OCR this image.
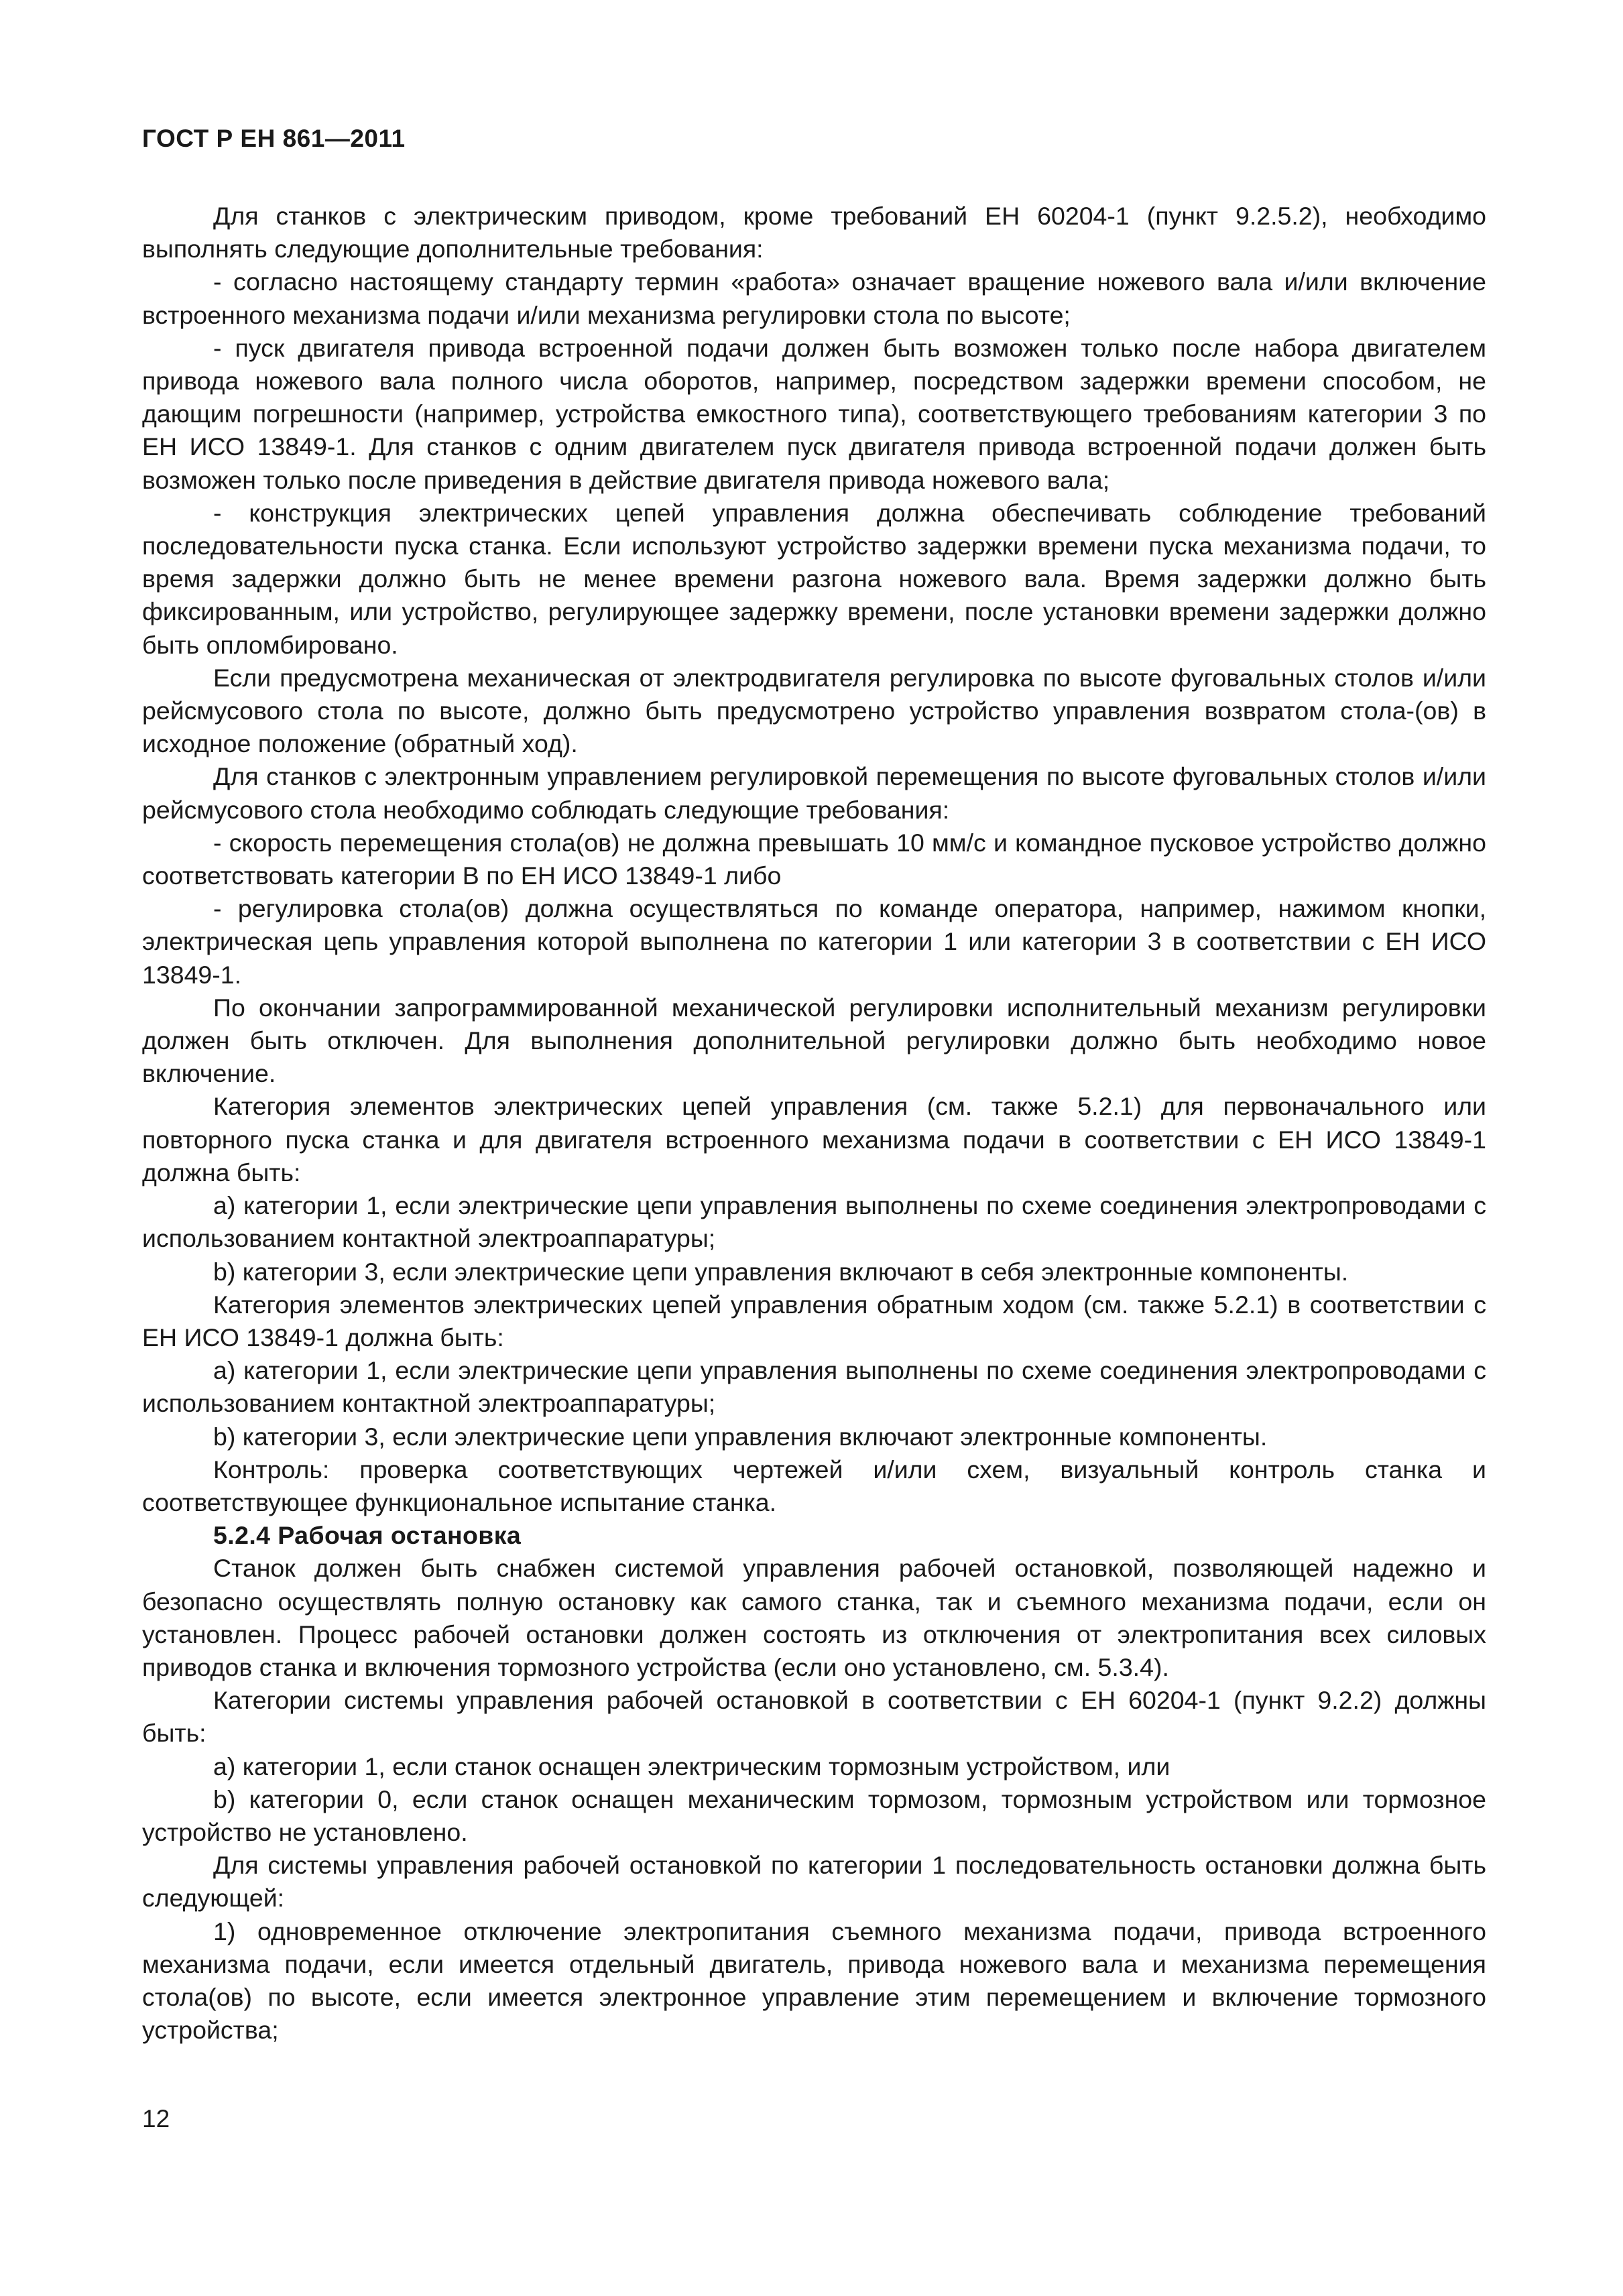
ГОСТ Р ЕН 861—2011

Для станков с электрическим приводом, кроме требований ЕН 60204-1 (пункт 9.2.5.2), необходимо выполнять следующие дополнительные требования:

- согласно настоящему стандарту термин «работа» означает вращение ножевого вала и/или включение встроенного механизма подачи и/или механизма регулировки стола по высоте;

- пуск двигателя привода встроенной подачи должен быть возможен только после набора двигателем привода ножевого вала полного числа оборотов, например, посредством задержки времени способом, не дающим погрешности (например, устройства емкостного типа), соответствующего требованиям категории 3 по ЕН ИСО 13849-1. Для станков с одним двигателем пуск двигателя привода встроенной подачи должен быть возможен только после приведения в действие двигателя привода ножевого вала;

- конструкция электрических цепей управления должна обеспечивать соблюдение требований последовательности пуска станка. Если используют устройство задержки времени пуска механизма подачи, то время задержки должно быть не менее времени разгона ножевого вала. Время задержки должно быть фиксированным, или устройство, регулирующее задержку времени, после установки времени задержки должно быть опломбировано.

Если предусмотрена механическая от электродвигателя регулировка по высоте фуговальных столов и/или рейсмусового стола по высоте, должно быть предусмотрено устройство управления возвратом стола-(ов) в исходное положение (обратный ход).

Для станков с электронным управлением регулировкой перемещения по высоте фуговальных столов и/или рейсмусового стола необходимо соблюдать следующие требования:

- скорость перемещения стола(ов) не должна превышать 10 мм/с и командное пусковое устройство должно соответствовать категории В по ЕН ИСО 13849-1 либо

- регулировка стола(ов) должна осуществляться по команде оператора, например, нажимом кнопки, электрическая цепь управления которой выполнена по категории 1 или категории 3 в соответствии с ЕН ИСО 13849-1.

По окончании запрограммированной механической регулировки исполнительный механизм регулировки должен быть отключен. Для выполнения дополнительной регулировки должно быть необходимо новое включение.

Категория элементов электрических цепей управления (см. также 5.2.1) для первоначального или повторного пуска станка и для двигателя встроенного механизма подачи в соответствии с ЕН ИСО 13849-1 должна быть:

a) категории 1, если электрические цепи управления выполнены по схеме соединения электропроводами с использованием контактной электроаппаратуры;

b) категории 3, если электрические цепи управления включают в себя электронные компоненты.

Категория элементов электрических цепей управления обратным ходом (см. также 5.2.1) в соответствии с ЕН ИСО 13849-1 должна быть:

a) категории 1, если электрические цепи управления выполнены по схеме соединения электропроводами с использованием контактной электроаппаратуры;

b) категории 3, если электрические цепи управления включают электронные компоненты.

Контроль: проверка соответствующих чертежей и/или схем, визуальный контроль станка и соответствующее функциональное испытание станка.

5.2.4 Рабочая остановка

Станок должен быть снабжен системой управления рабочей остановкой, позволяющей надежно и безопасно осуществлять полную остановку как самого станка, так и съемного механизма подачи, если он установлен. Процесс рабочей остановки должен состоять из отключения от электропитания всех силовых приводов станка и включения тормозного устройства (если оно установлено, см. 5.3.4).

Категории системы управления рабочей остановкой в соответствии с ЕН 60204-1 (пункт 9.2.2) должны быть:

a) категории 1, если станок оснащен электрическим тормозным устройством, или

b) категории 0, если станок оснащен механическим тормозом, тормозным устройством или тормозное устройство не установлено.

Для системы управления рабочей остановкой по категории 1 последовательность остановки должна быть следующей:

1) одновременное отключение электропитания съемного механизма подачи, привода встроенного механизма подачи, если имеется отдельный двигатель, привода ножевого вала и механизма перемещения стола(ов) по высоте, если имеется электронное управление этим перемещением и включение тормозного устройства;

12
